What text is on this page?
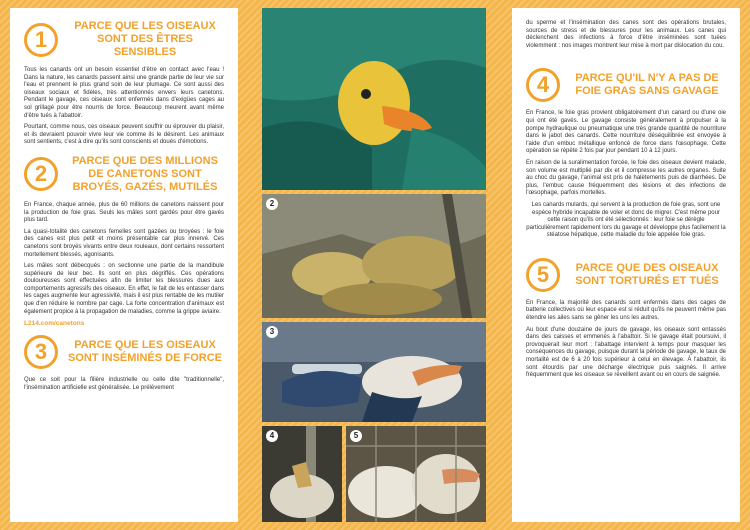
1
PARCE QUE LES OISEAUX SONT DES ÊTRES SENSIBLES

Tous les canards ont un besoin essentiel d'être en contact avec l'eau ! Dans la nature, les canards passent ainsi une grande partie de leur vie sur l'eau et prennent le plus grand soin de leur plumage. Ce sont aussi des oiseaux sociaux et fidèles, très attentionnés envers leurs canetons. Pendant le gavage, ces oiseaux sont enfermés dans d'exigües cages au sol grillagé pour être nourris de force. Beaucoup meurent avant même d'être tués à l'abattoir.

Pourtant, comme nous, ces oiseaux peuvent souffrir ou éprouver du plaisir, et ils devraient pouvoir vivre leur vie comme ils le désirent. Les animaux sont sentients, c'est à dire qu'ils sont conscients et doués d'émotions.

2
PARCE QUE DES MILLIONS DE CANETONS SONT BROYÉS, GAZÉS, MUTILÉS

En France, chaque année, plus de 60 millions de canetons naissent pour la production de foie gras. Seuls les mâles sont gardés pour être gavés plus tard.

La quasi-totalité des canetons femelles sont gazées ou broyées : le foie des canes est plus petit et moins présentable car plus innervé. Ces canetons sont broyés vivants entre deux rouleaux, dont certains ressortent mortellement blessés, agonisants.

Les mâles sont débecqués : on sectionne une partie de la mandibule supérieure de leur bec. Ils sont en plus dégriffés. Ces opérations douloureuses sont effectuées afin de limiter les blessures dues aux comportements agressifs des oiseaux. En effet, le fait de les entasser dans les cages augmente leur agressivité, mais il est plus rentable de les mutiler que d'en réduire le nombre par cage. La forte concentration d'animaux est également propice à la propagation de maladies, comme la grippe aviaire.

L214.com/canetons
3	PARCE QUE LES OISEAUX SONT INSÉMINÉS DE FORCE

Que ce soit pour la filière industrielle ou celle dite "traditionnelle", l'insémination artificielle est généralisée. Le prélèvement

2
3
4	5

du sperme et l'insémination des canes sont des opérations brutales, sources de stress et de blessures pour les animaux. Les canes qui déclenchent des infections à force d'être inséminées sont tuées violemment : nos images montrent leur mise à mort par dislocation du cou.

4	PARCE QU'IL N'Y A PAS DE FOIE GRAS SANS GAVAGE

En France, le foie gras provient obligatoirement d'un canard ou d'une oie qui ont été gavés. Le gavage consiste généralement à propulser à la pompe hydraulique ou pneumatique une très grande quantité de nourriture dans le jabot des canards. Cette nourriture déséquilibrée est envoyée à l'aide d'un embuc métallique enfoncé de force dans l'œsophage. Cette opération se répète 2 fois par jour pendant 10 à 12 jours.

En raison de la suralimentation forcée, le foie des oiseaux devient malade, son volume est multiplié par dix et il compresse les autres organes. Suite au choc du gavage, l'animal est pris de halètements puis de diarrhées. De plus, l'embuc cause fréquemment des lésions et des infections de l'œsophage, parfois mortelles.

Les canards mulards, qui servent à la production de foie gras, sont une espèce hybride incapable de voler et donc de migrer. C'est même pour cette raison qu'ils ont été sélectionnés : leur foie se dérègle particulièrement rapidement lors du gavage et développe plus facilement la stéatose hépatique, cette maladie du foie appelée foie gras.

5	PARCE QUE DES OISEAUX SONT TORTURÉS ET TUÉS

En France, la majorité des canards sont enfermés dans des cages de batterie collectives où leur espace est si réduit qu'ils ne peuvent même pas étendre les ailes sans se gêner les uns les autres.

Au bout d'une douzaine de jours de gavage, les oiseaux sont entassés dans des caisses et emmenés à l'abattoir. Si le gavage était poursuivi, il provoquerait leur mort : l'abattage intervient à temps pour masquer les conséquences du gavage, puisque durant la période de gavage, le taux de mortalité est de 6 à 20 fois supérieur à celui en élevage. À l'abattoir, ils sont étourdis par une décharge électrique puis saignés. Il arrive fréquemment que les oiseaux se réveillent avant ou en cours de saignée.
